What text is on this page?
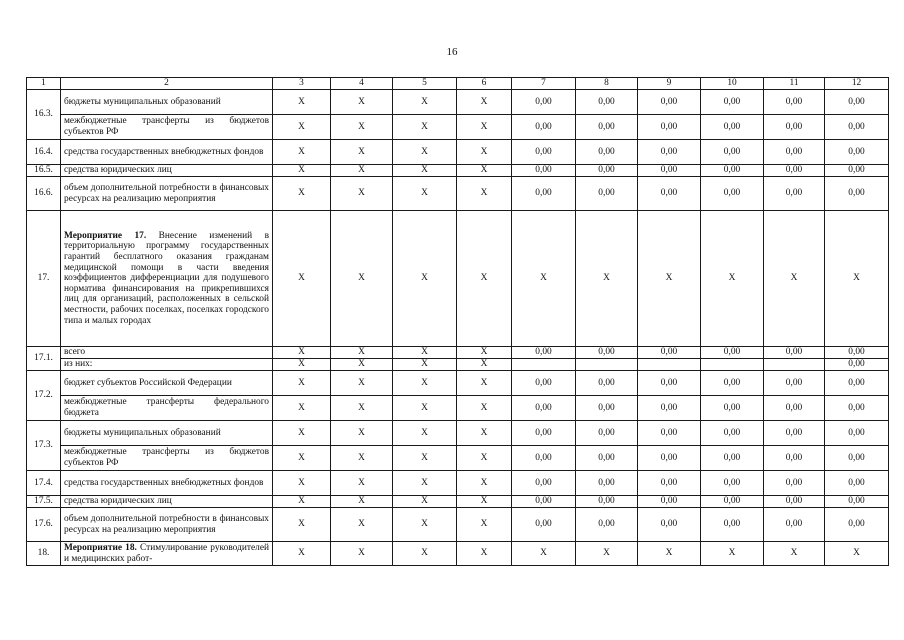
16
1	2	3	4	5	6	7	8	9	10	11	12
16.3.	бюджеты муниципальных образований	X	X	X	X	0,00	0,00	0,00	0,00	0,00	0,00
	межбюджетные трансферты из бюджетов субъектов РФ	X	X	X	X	0,00	0,00	0,00	0,00	0,00	0,00
16.4.	средства государственных внебюджетных фондов	X	X	X	X	0,00	0,00	0,00	0,00	0,00	0,00
16.5.	средства юридических лиц	X	X	X	X	0,00	0,00	0,00	0,00	0,00	0,00
16.6.	объем дополнительной потребности в финансовых ресурсах на реализацию мероприятия	X	X	X	X	0,00	0,00	0,00	0,00	0,00	0,00
17.	Мероприятие 17. Внесение изменений в территориальную программу государственных гарантий бесплатного оказания гражданам медицинской помощи в части введения коэффициентов дифференциации для подушевого норматива финансирования на прикрепившихся лиц для организаций, расположенных в сельской местности, рабочих поселках, поселках городского типа и малых городах	X	X	X	X	X	X	X	X	X	X
17.1.	всего	X	X	X	X	0,00	0,00	0,00	0,00	0,00	0,00
	из них:	X	X	X	X						0,00
17.2.	бюджет субъектов Российской Федерации	X	X	X	X	0,00	0,00	0,00	0,00	0,00	0,00
	межбюджетные трансферты федерального бюджета	X	X	X	X	0,00	0,00	0,00	0,00	0,00	0,00
17.3.	бюджеты муниципальных образований	X	X	X	X	0,00	0,00	0,00	0,00	0,00	0,00
	межбюджетные трансферты из бюджетов субъектов РФ	X	X	X	X	0,00	0,00	0,00	0,00	0,00	0,00
17.4.	средства государственных внебюджетных фондов	X	X	X	X	0,00	0,00	0,00	0,00	0,00	0,00
17.5.	средства юридических лиц	X	X	X	X	0,00	0,00	0,00	0,00	0,00	0,00
17.6.	объем дополнительной потребности в финансовых ресурсах на реализацию мероприятия	X	X	X	X	0,00	0,00	0,00	0,00	0,00	0,00
18.	Мероприятие 18. Стимулирование руководителей и медицинских работ-	X	X	X	X	X	X	X	X	X	X
